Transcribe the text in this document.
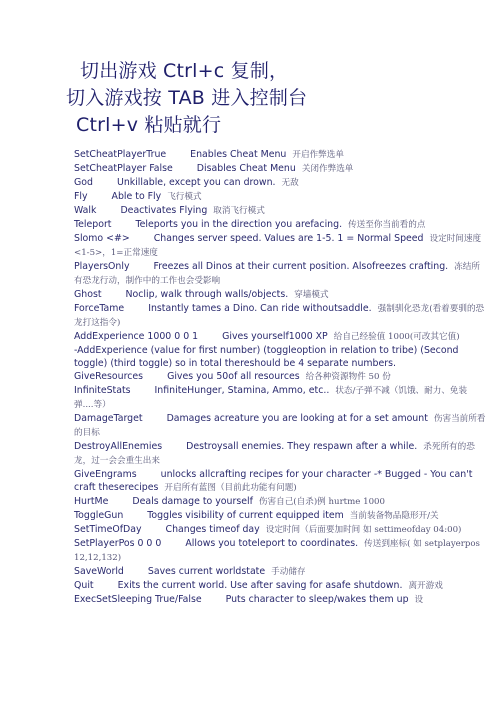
切出游戏 Ctrl+c 复制，
切入游戏按 TAB 进入控制台
Ctrl+v 粘贴就行
SetCheatPlayerTrue	Enables Cheat Menu 开启作弊选单
SetCheatPlayer False	Disables Cheat Menu 关闭作弊选单
God	Unkillable, except you can drown. 无敌
Fly	Able to Fly 飞行模式
Walk	Deactivates Flying 取消飞行模式
Teleport	Teleports you in the direction you arefacing. 传送至你当前看的点
Slomo <#>	Changes server speed. Values are 1-5. 1 = Normal Speed 设定时间速度 <1-5>，1=正常速度
PlayersOnly	Freezes all Dinos at their current position. Alsofreezes crafting. 冻结所有恐龙行动，制作中的工作也会受影响
Ghost	Noclip, walk through walls/objects. 穿墙模式
ForceTame	Instantly tames a Dino. Can ride withoutsaddle. 强制驯化恐龙(看着要驯的恐龙打这指令)
AddExperience 1000 0 0 1	Gives yourself1000 XP 给自己经验值 1000(可改其它值)
-AddExperience (value for first number) (toggleoption in relation to tribe) (Second toggle) (third toggle) so in total thereshould be 4 separate numbers.
GiveResources	Gives you 50of all resources 给各种资源物件 50 份
InfiniteStats	InfiniteHunger, Stamina, Ammo, etc.. 状态/子弹不减（饥饿、耐力、免装弹....等）
DamageTarget	Damages acreature you are looking at for a set amount 伤害当前所看的目标
DestroyAllEnemies	Destroysall enemies. They respawn after a while. 杀死所有的恐龙，过一会会重生出来
GiveEngrams	unlocks allcrafting recipes for your character -* Bugged - You can't craft theserecipes 开启所有蓝图（目前此功能有问题)
HurtMe	Deals damage to yourself 伤害自己(自杀)例 hurtme 1000
ToggleGun	Toggles visibility of current equipped item 当前装备物品隐形开/关
SetTimeOfDay	Changes timeof day 设定时间（后面要加时间 如 settimeofday 04:00)
SetPlayerPos 0 0 0	Allows you toteleport to coordinates. 传送到座标( 如 setplayerpos 12,12,132)
SaveWorld	Saves current worldstate 手动储存
Quit	Exits the current world. Use after saving for asafe shutdown. 离开游戏
ExecSetSleeping True/False	Puts character to sleep/wakes them up 设
